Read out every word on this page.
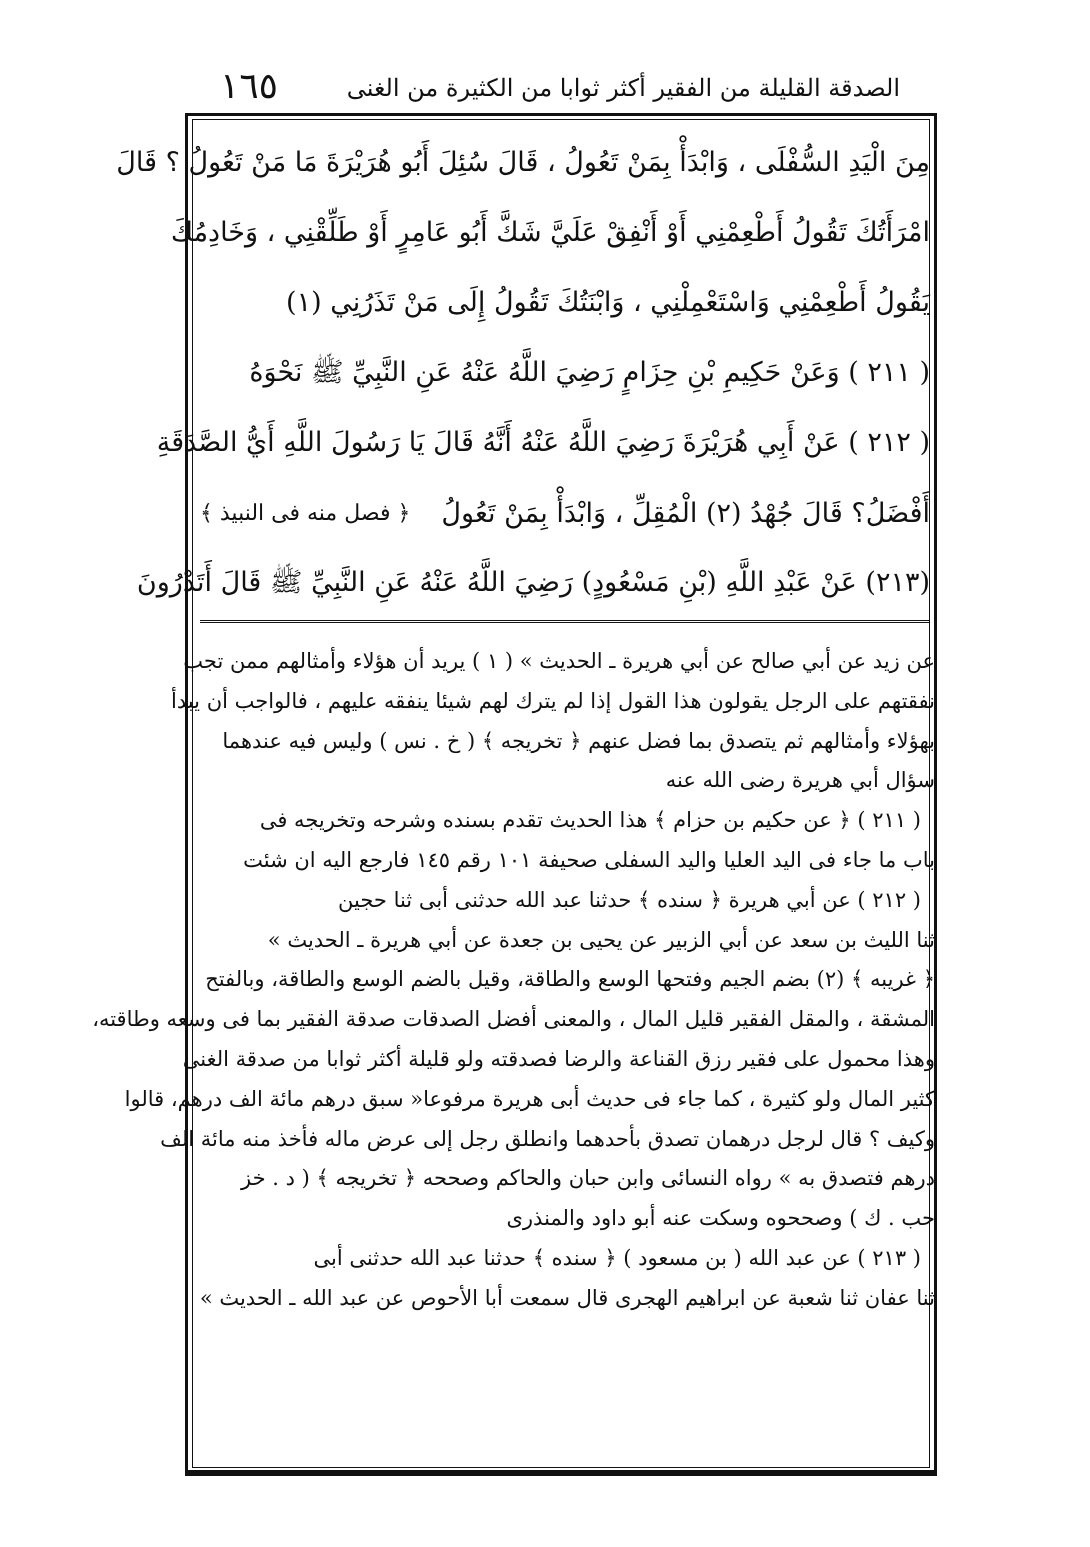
١٦٥	الصدقة القليلة من الفقير أكثر ثوابا من الكثيرة من الغنى
مِنَ الْيَدِ السُّفْلَى ، وَابْدَأْ بِمَنْ تَعُولُ ، قَالَ سُئِلَ أَبُو هُرَيْرَةَ مَا مَنْ تَعُولُ ؟ قَالَ
امْرَأَتُكَ تَقُولُ أَطْعِمْنِي أَوْ أَنْفِقْ عَلَيَّ شَكَّ أَبُو عَامِرٍ أَوْ طَلِّقْنِي ، وَخَادِمُكَ
يَقُولُ أَطْعِمْنِي وَاسْتَعْمِلْنِي ، وَابْنَتُكَ تَقُولُ إِلَى مَنْ تَذَرُنِي (١)
( ٢١١ ) وَعَنْ حَكِيمِ بْنِ حِزَامٍ رَضِيَ اللَّهُ عَنْهُ عَنِ النَّبِيِّ ﷺ نَحْوَهُ
( ٢١٢ ) عَنْ أَبِي هُرَيْرَةَ رَضِيَ اللَّهُ عَنْهُ أَنَّهُ قَالَ يَا رَسُولَ اللَّهِ أَيُّ الصَّدَقَةِ
أَفْضَلُ؟ قَالَ جُهْدُ (٢) الْمُقِلِّ ، وَابْدَأْ بِمَنْ تَعُولُ
﴿ فصل منه فى النبيذ ﴾
(٢١٣) عَنْ عَبْدِ اللَّهِ (بْنِ مَسْعُودٍ) رَضِيَ اللَّهُ عَنْهُ عَنِ النَّبِيِّ ﷺ قَالَ أَتَدْرُونَ
عن زيد عن أبي صالح عن أبي هريرة ـ الحديث » ( ١ ) يريد أن هؤلاء وأمثالهم ممن تجب
نفقتهم على الرجل يقولون هذا القول إذا لم يترك لهم شيئا ينفقه عليهم ، فالواجب أن يبدأ
بهؤلاء وأمثالهم ثم يتصدق بما فضل عنهم ﴿ تخريجه ﴾ ( خ . نس ) وليس فيه عندهما
سؤال أبي هريرة رضى الله عنه
( ٢١١ ) ﴿ عن حكيم بن حزام ﴾ هذا الحديث تقدم بسنده وشرحه وتخريجه فى
باب ما جاء فى اليد العليا واليد السفلى صحيفة ١٠١ رقم ١٤٥ فارجع اليه ان شئت
( ٢١٢ ) عن أبي هريرة ﴿ سنده ﴾ حدثنا عبد الله حدثنى أبى ثنا حجين
ثنا الليث بن سعد عن أبي الزبير عن يحيى بن جعدة عن أبي هريرة ـ الحديث »
﴿ غريبه ﴾ (٢) بضم الجيم وفتحها الوسع والطاقة، وقيل بالضم الوسع والطاقة، وبالفتح
المشقة ، والمقل الفقير قليل المال ، والمعنى أفضل الصدقات صدقة الفقير بما فى وسعه وطاقته،
وهذا محمول على فقير رزق القناعة والرضا فصدقته ولو قليلة أكثر ثوابا من صدقة الغنى
كثير المال ولو كثيرة ، كما جاء فى حديث أبى هريرة مرفوعا« سبق درهم مائة الف درهم، قالوا
وكيف ؟ قال لرجل درهمان تصدق بأحدهما وانطلق رجل إلى عرض ماله فأخذ منه مائة الف
درهم فتصدق به » رواه النسائى وابن حبان والحاكم وصححه ﴿ تخريجه ﴾ ( د . خز
حب . ك ) وصححوه وسكت عنه أبو داود والمنذرى
( ٢١٣ ) عن عبد الله ( بن مسعود ) ﴿ سنده ﴾ حدثنا عبد الله حدثنى أبى
ثنا عفان ثنا شعبة عن ابراهيم الهجرى قال سمعت أبا الأحوص عن عبد الله ـ الحديث »
